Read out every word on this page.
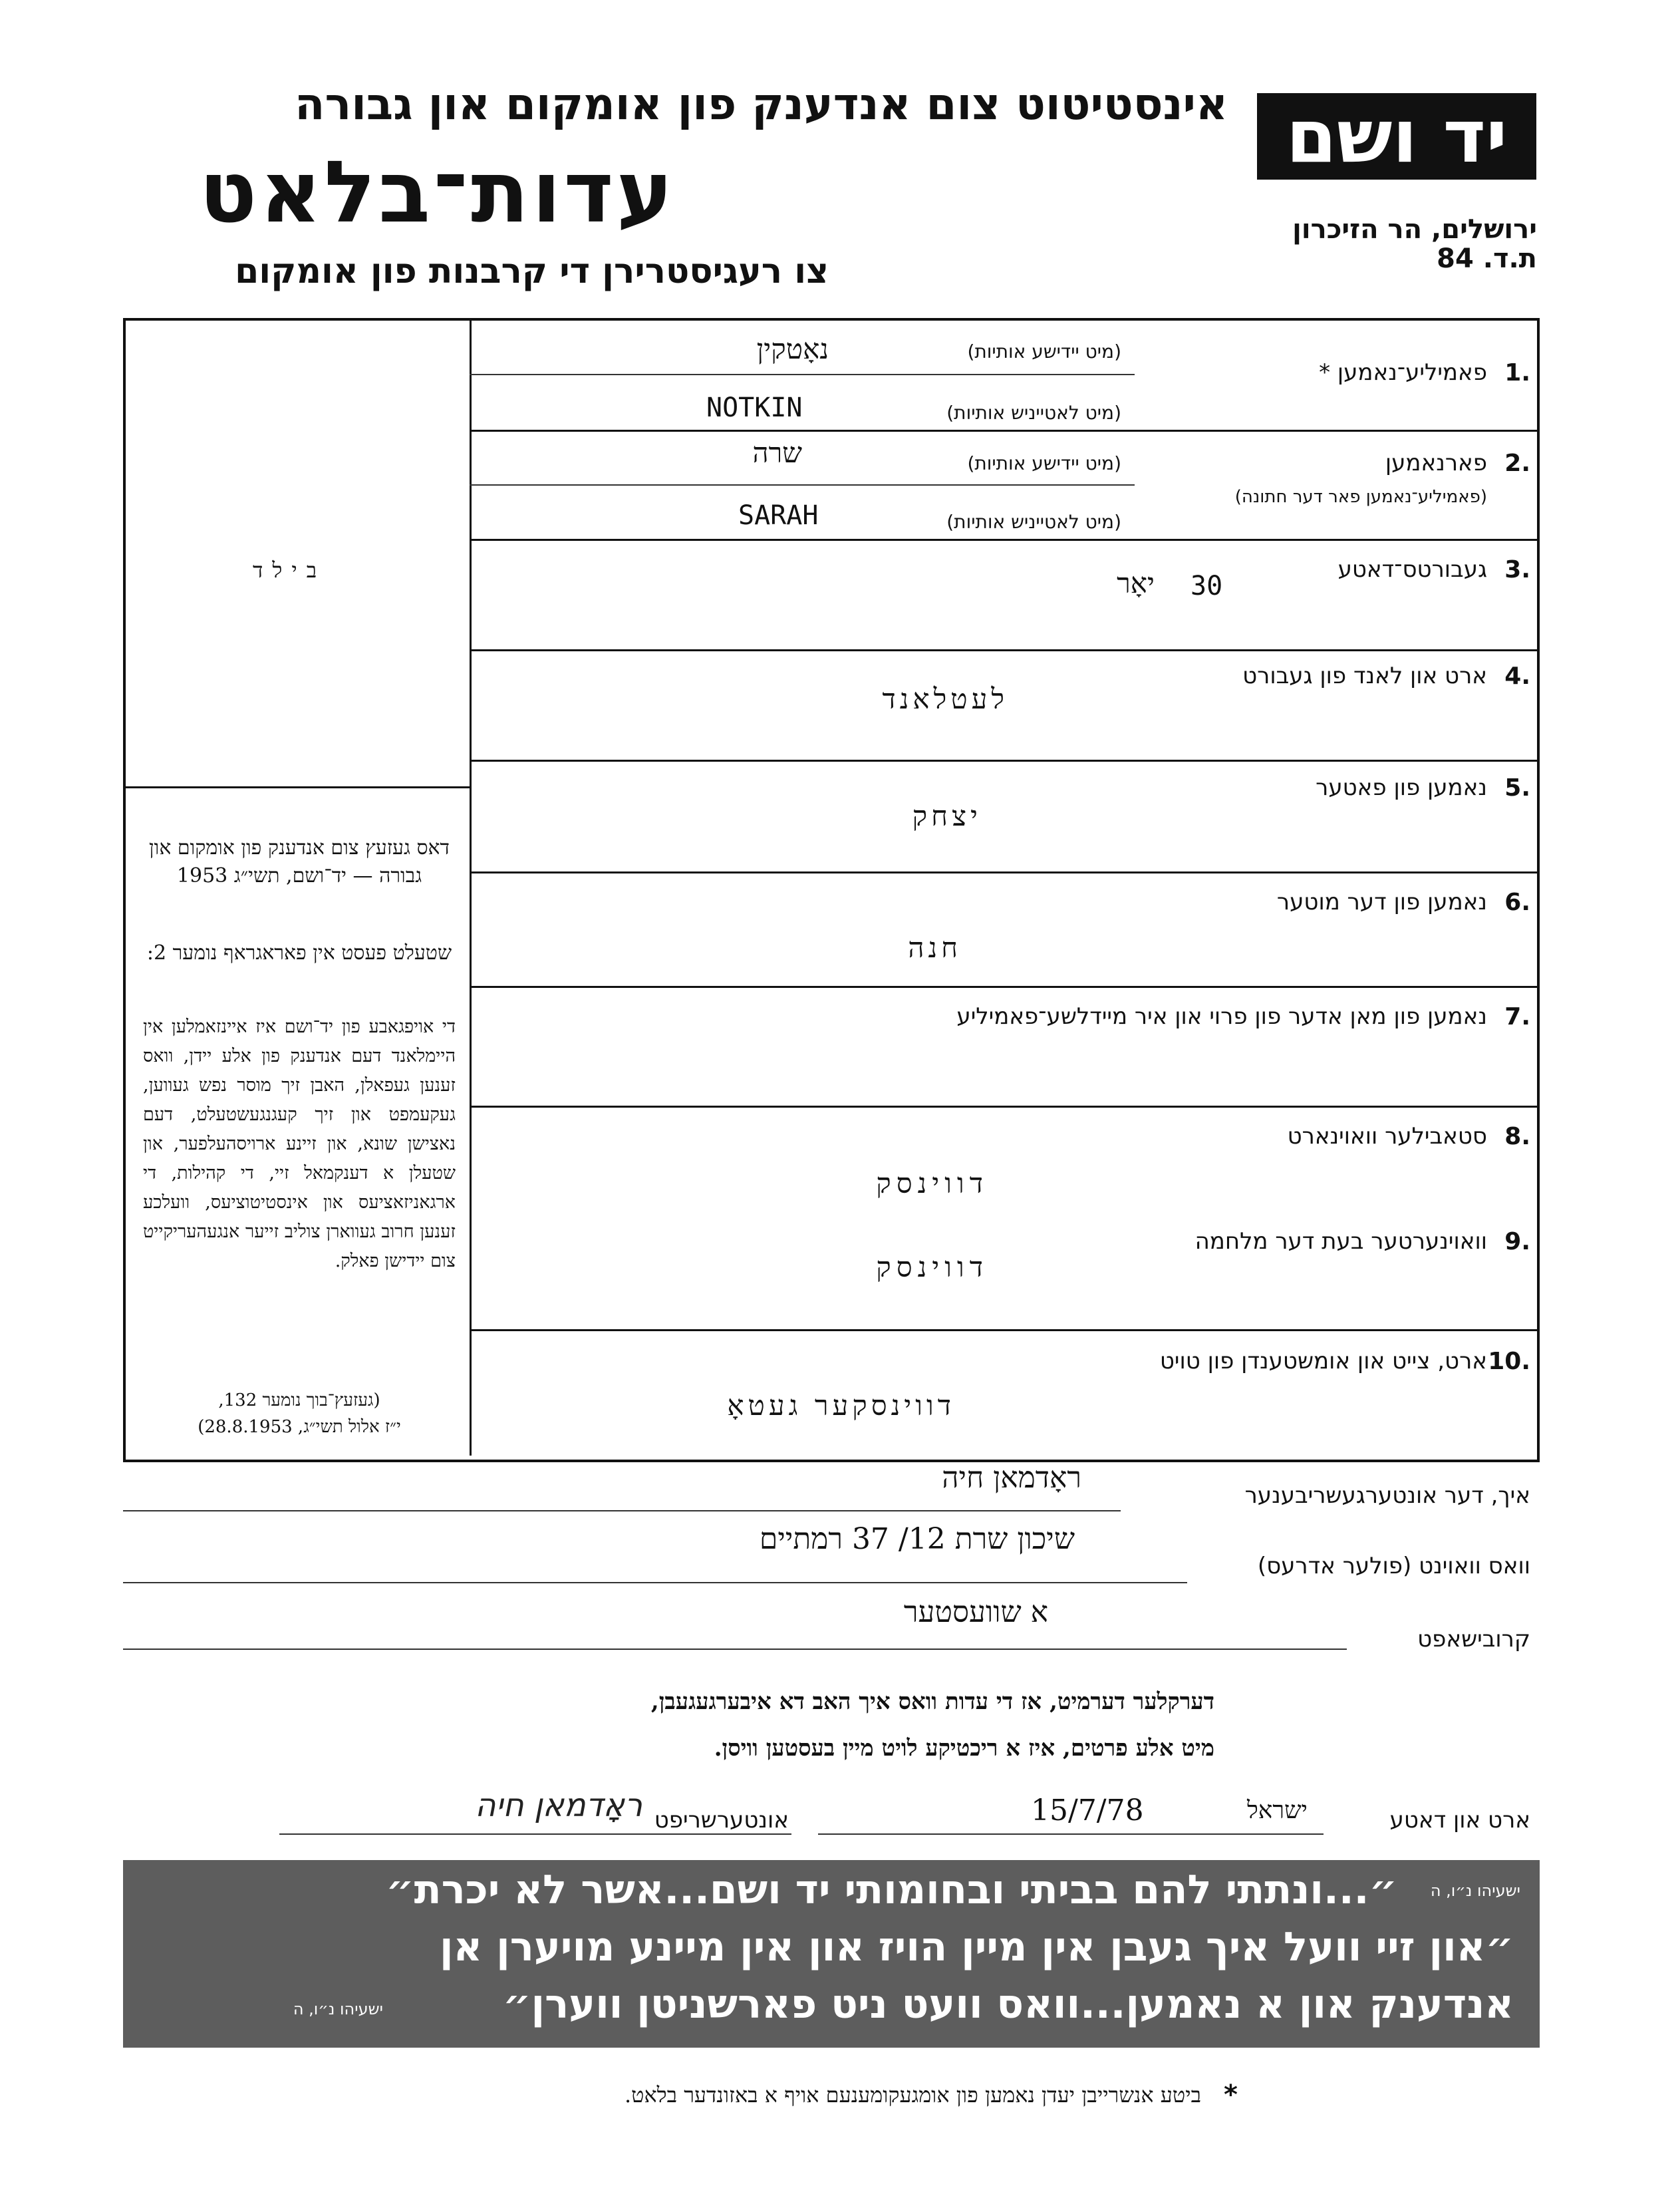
יד ושם
אינסטיטוט צום אנדענק פון אומקום און גבורה
עדות־בלאט
צו רעגיסטרירן די קרבנות פון אומקום
ירושלים, הר הזיכרון
ת.ד. 84
בילד
1.
פאמיליע־נאמען *
(מיט יידישע אותיות)
נאָטקין
(מיט לאטייניש אותיות)
NOTKIN
2.
פארנאמען
(פאמיליע־נאמען פאר דער חתונה)
(מיט יידישע אותיות)
שרה
(מיט לאטייניש אותיות)
SARAH
3.
געבורטס־דאטע
יאָר 30
4.
ארט און לאנד פון געבורט
לעטלאנד
5.
נאמען פון פאטער
יצחק
6.
נאמען פון דער מוטער
חנה
7.
נאמען פון מאן אדער פון פרוי און איר מיידלשע־פאמיליע
8.
סטאבילער וואוינארט
דווינסק
9.
וואוינערטער בעת דער מלחמה
דווינסק
10.
ארט, צייט און אומשטענדן פון טויט
דווינסקער געטאָ
דאס געזעץ צום אנדענק פון אומקום און גבורה — יד־ושם, תשי״ג 1953
שטעלט פעסט אין פאראגראף נומער 2:
די אויפגאבע פון יד־ושם איז איינזאמלען אין היימלאנד דעם אנדענק פון אלע יידן, וואס זענען געפאלן, האבן זיך מוסר נפש געווען, געקעמפט און זיך קעגנגעשטעלט, דעם נאצישן שונא, און זיינע ארויסהעלפער, און שטעלן א דענקמאל זיי, די קהילות, די ארגאניזאציעס און אינסטיטוציעס, וועלכע זענען חרוב געווארן צוליב זייער אנגעהעריקייט צום יידישן פאלק.
(געזעץ־בוך נומער 132,
י״ז אלול תשי״ג, 28.8.1953)
איך, דער אונטערגעשריבענער
ראָדמאן חיה
וואס וואוינט (פולער אדרעס)
שיכון שרת 12/ 37 רמתיים
קרובישאפט
א שוועסטער
דערקלער דערמיט, אז די עדות וואס איך האב דא איבערגעגעבן,
מיט אלע פרטים, איז א ריכטיקע לויט מיין בעסטען וויסן.
ארט און דאטע
ישראל
15/7/78
אונטערשריפט
ראָדמאן חיה
״...ונתתי להם בביתי ובחומותי יד ושם...אשר לא יכרת״ ישעיהו נ״ו, ה
״און זיי וועל איך געבן אין מיין הויז און אין מיינע מויערן אן
אנדענק און א נאמען...וואס וועט ניט פארשניטן ווערן״
ישעיהו נ״ו, ה
*
ביטע אנשרייבן יעדן נאמען פון אומגעקומענעם אויף א באזונדער בלאט.
